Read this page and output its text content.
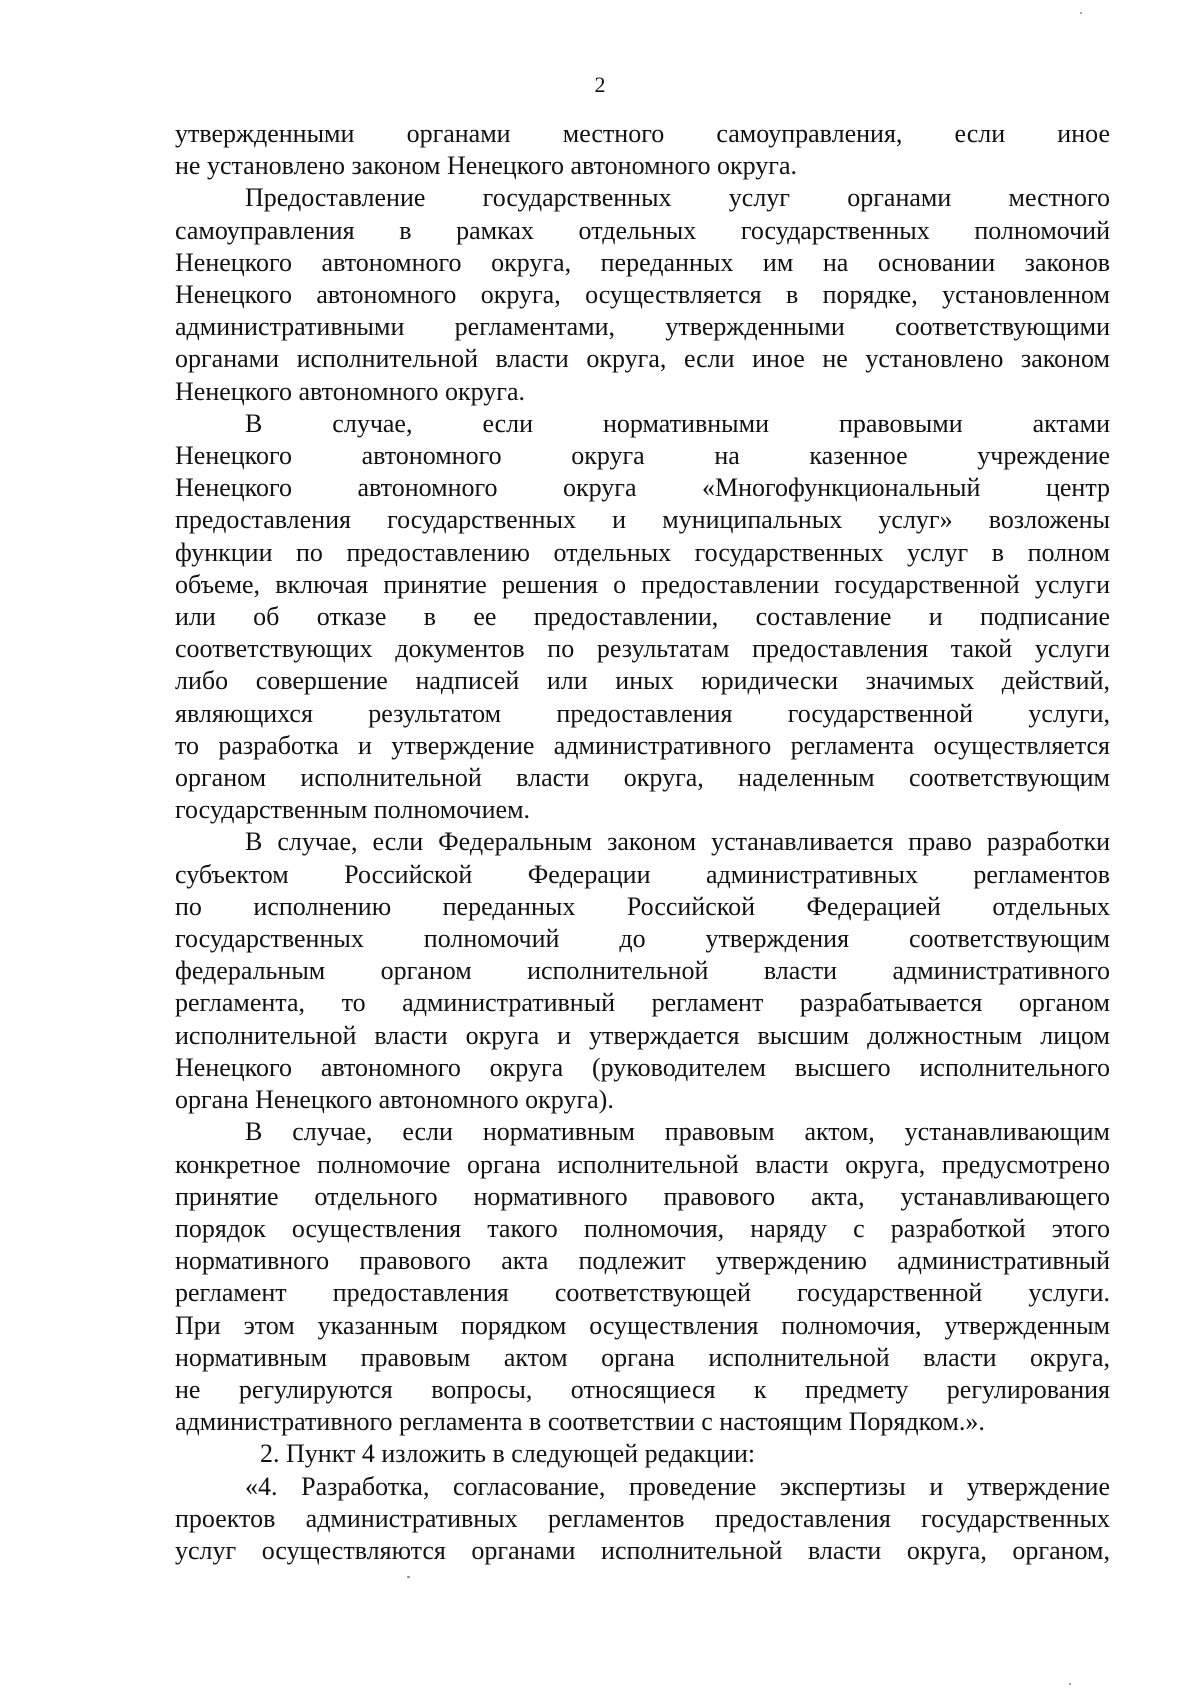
2
утвержденными органами местного самоуправления, если иное
не установлено законом Ненецкого автономного округа.
Предоставление государственных услуг органами местного
самоуправления в рамках отдельных государственных полномочий
Ненецкого автономного округа, переданных им на основании законов
Ненецкого автономного округа, осуществляется в порядке, установленном
административными регламентами, утвержденными соответствующими
органами исполнительной власти округа, если иное не установлено законом
Ненецкого автономного округа.
В случае, если нормативными правовыми актами
Ненецкого автономного округа на казенное учреждение
Ненецкого автономного округа «Многофункциональный центр
предоставления государственных и муниципальных услуг» возложены
функции по предоставлению отдельных государственных услуг в полном
объеме, включая принятие решения о предоставлении государственной услуги
или об отказе в ее предоставлении, составление и подписание
соответствующих документов по результатам предоставления такой услуги
либо совершение надписей или иных юридически значимых действий,
являющихся результатом предоставления государственной услуги,
то разработка и утверждение административного регламента осуществляется
органом исполнительной власти округа, наделенным соответствующим
государственным полномочием.
В случае, если Федеральным законом устанавливается право разработки
субъектом Российской Федерации административных регламентов
по исполнению переданных Российской Федерацией отдельных
государственных полномочий до утверждения соответствующим
федеральным органом исполнительной власти административного
регламента, то административный регламент разрабатывается органом
исполнительной власти округа и утверждается высшим должностным лицом
Ненецкого автономного округа (руководителем высшего исполнительного
органа Ненецкого автономного округа).
В случае, если нормативным правовым актом, устанавливающим
конкретное полномочие органа исполнительной власти округа, предусмотрено
принятие отдельного нормативного правового акта, устанавливающего
порядок осуществления такого полномочия, наряду с разработкой этого
нормативного правового акта подлежит утверждению административный
регламент предоставления соответствующей государственной услуги.
При этом указанным порядком осуществления полномочия, утвержденным
нормативным правовым актом органа исполнительной власти округа,
не регулируются вопросы, относящиеся к предмету регулирования
административного регламента в соответствии с настоящим Порядком.».
2. Пункт 4 изложить в следующей редакции:
«4. Разработка, согласование, проведение экспертизы и утверждение
проектов административных регламентов предоставления государственных
услуг осуществляются органами исполнительной власти округа, органом,
